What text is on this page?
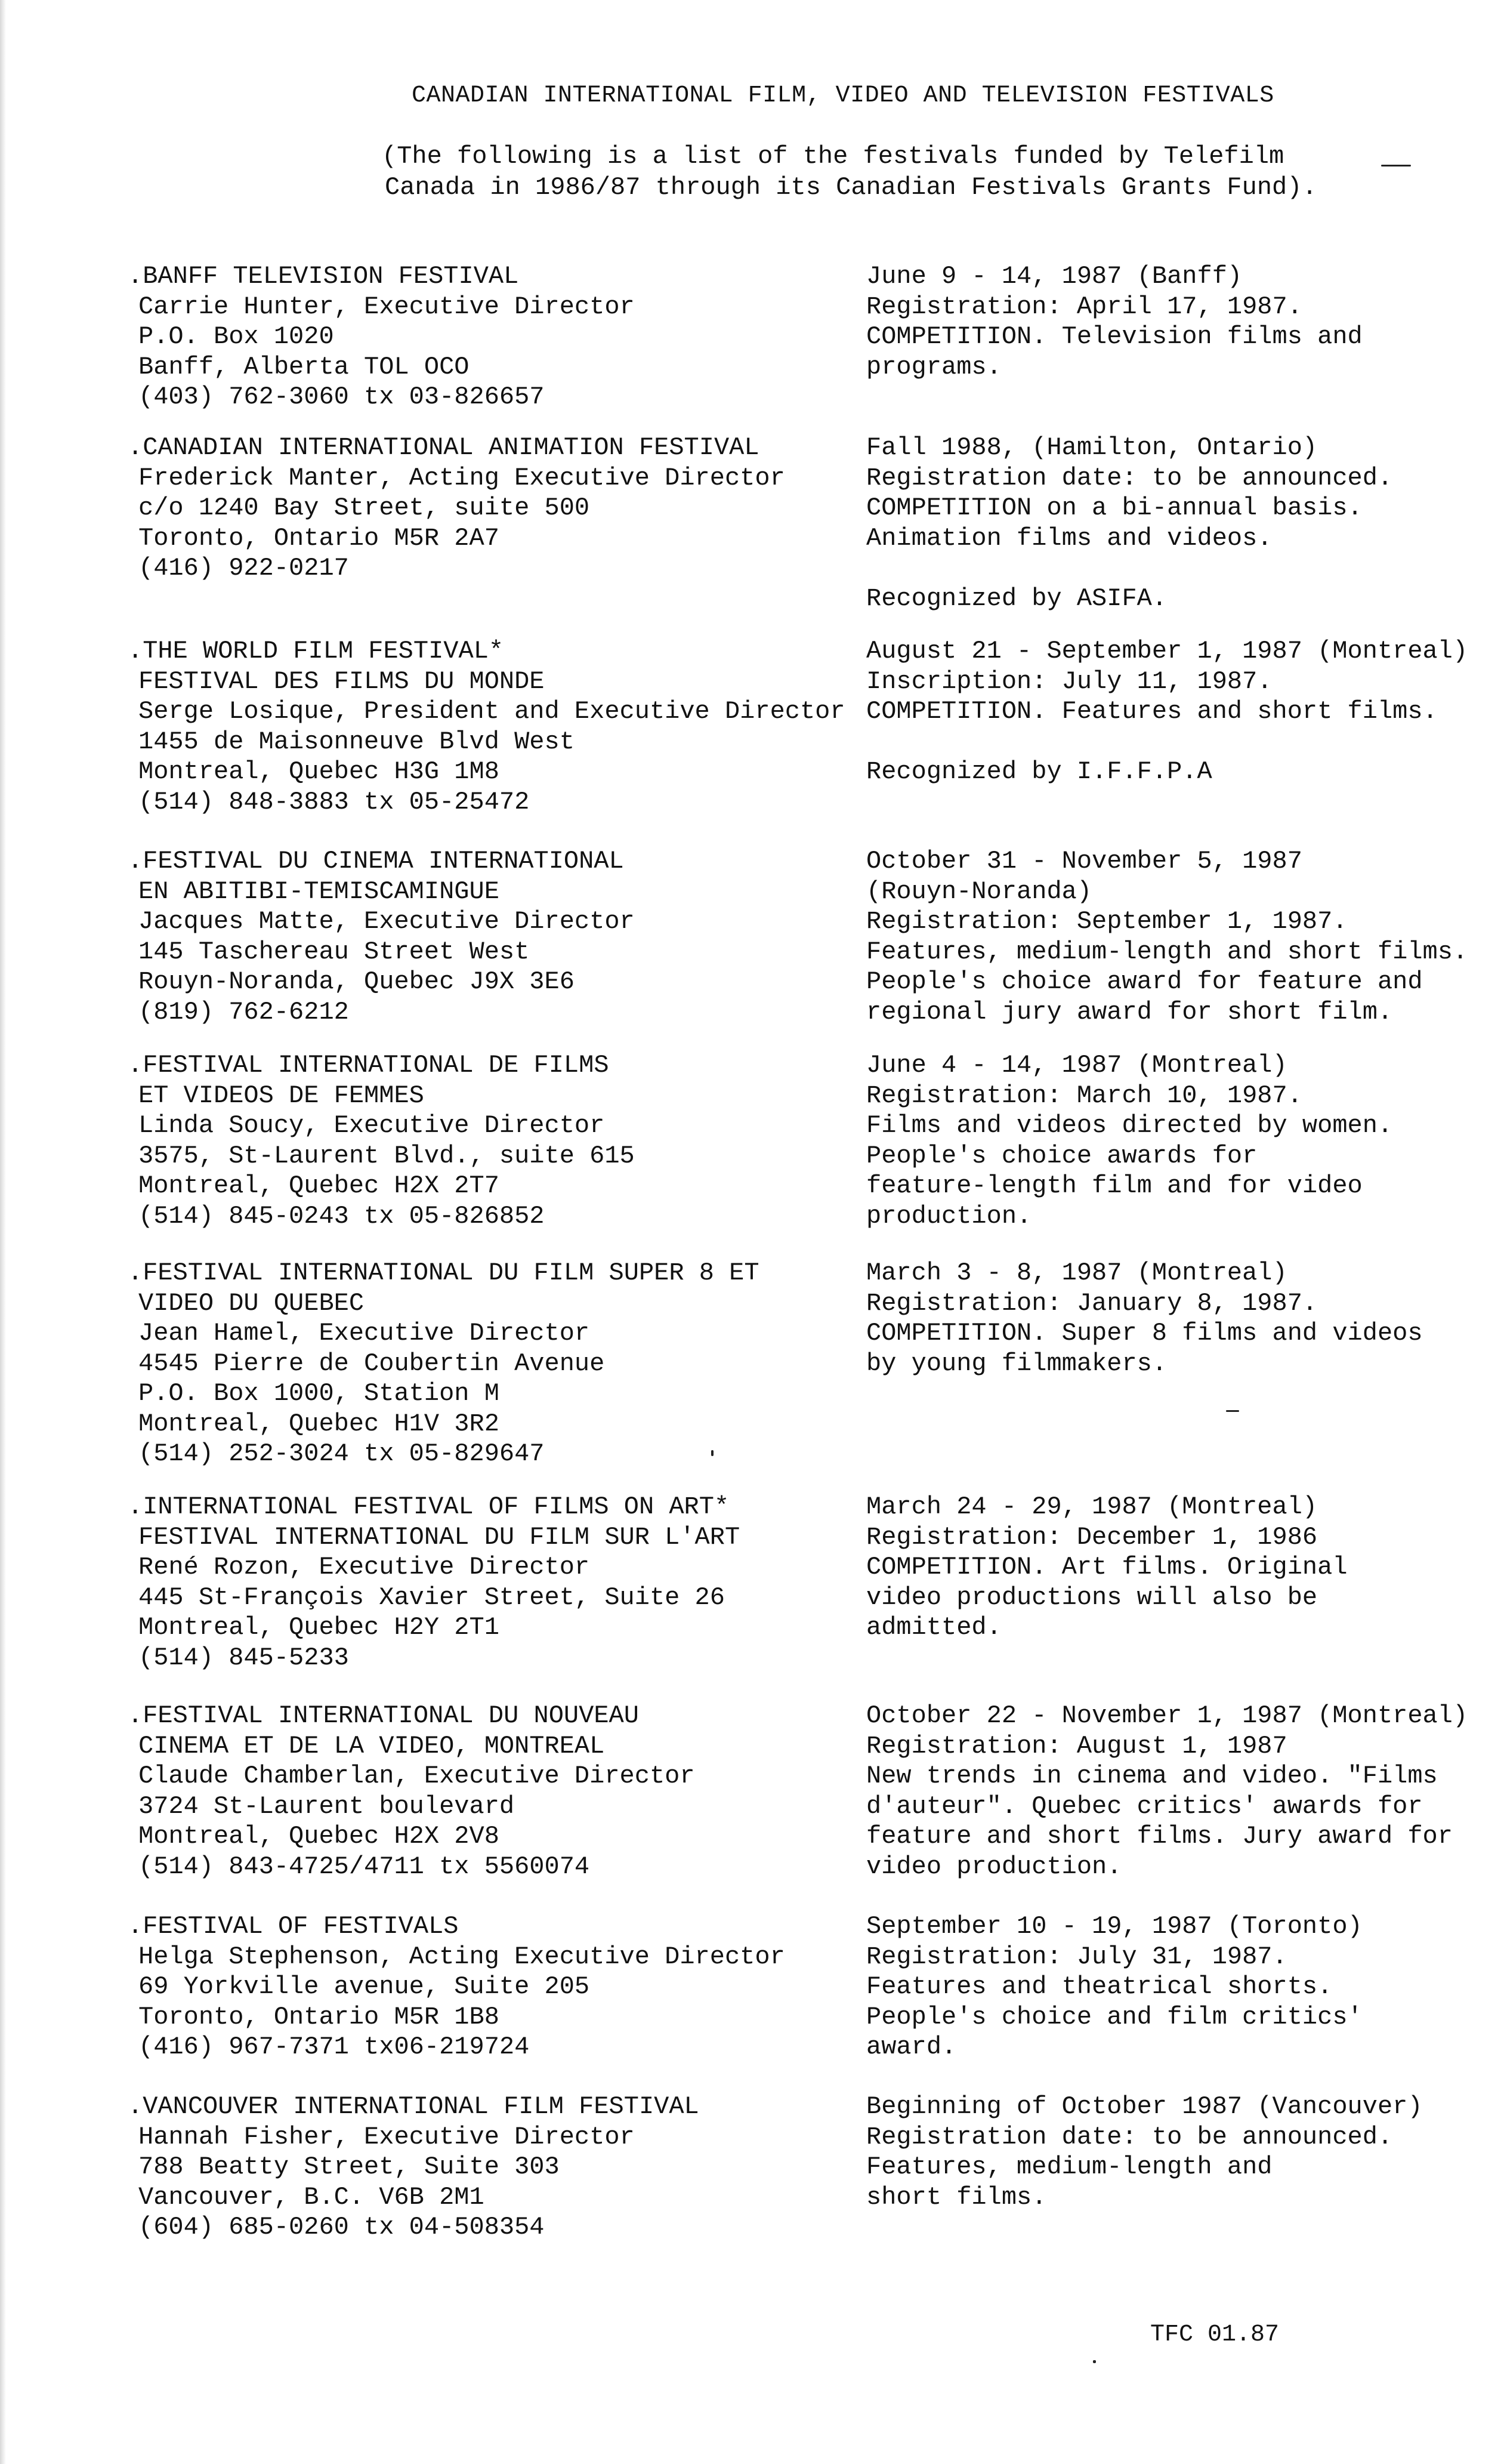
CANADIAN INTERNATIONAL FILM, VIDEO AND TELEVISION FESTIVALS
(The following is a list of the festivals funded by Telefilm
Canada in 1986/87 through its Canadian Festivals Grants Fund).
.BANFF TELEVISION FESTIVAL
Carrie Hunter, Executive Director
P.O. Box 1020
Banff, Alberta TOL OCO
(403) 762-3060 tx 03-826657
June 9 - 14, 1987 (Banff)
Registration: April 17, 1987.
COMPETITION. Television films and
programs.
.CANADIAN INTERNATIONAL ANIMATION FESTIVAL
Frederick Manter, Acting Executive Director
c/o 1240 Bay Street, suite 500
Toronto, Ontario M5R 2A7
(416) 922-0217
Fall 1988, (Hamilton, Ontario)
Registration date: to be announced.
COMPETITION on a bi-annual basis.
Animation films and videos.
Recognized by ASIFA.
.THE WORLD FILM FESTIVAL*
FESTIVAL DES FILMS DU MONDE
Serge Losique, President and Executive Director
1455 de Maisonneuve Blvd West
Montreal, Quebec H3G 1M8
(514) 848-3883 tx 05-25472
August 21 - September 1, 1987 (Montreal)
Inscription: July 11, 1987.
COMPETITION. Features and short films.
Recognized by I.F.F.P.A
.FESTIVAL DU CINEMA INTERNATIONAL
EN ABITIBI-TEMISCAMINGUE
Jacques Matte, Executive Director
145 Taschereau Street West
Rouyn-Noranda, Quebec J9X 3E6
(819) 762-6212
October 31 - November 5, 1987
(Rouyn-Noranda)
Registration: September 1, 1987.
Features, medium-length and short films.
People's choice award for feature and
regional jury award for short film.
.FESTIVAL INTERNATIONAL DE FILMS
ET VIDEOS DE FEMMES
Linda Soucy, Executive Director
3575, St-Laurent Blvd., suite 615
Montreal, Quebec H2X 2T7
(514) 845-0243 tx 05-826852
June 4 - 14, 1987 (Montreal)
Registration: March 10, 1987.
Films and videos directed by women.
People's choice awards for
feature-length film and for video
production.
.FESTIVAL INTERNATIONAL DU FILM SUPER 8 ET
VIDEO DU QUEBEC
Jean Hamel, Executive Director
4545 Pierre de Coubertin Avenue
P.O. Box 1000, Station M
Montreal, Quebec H1V 3R2
(514) 252-3024 tx 05-829647
March 3 - 8, 1987 (Montreal)
Registration: January 8, 1987.
COMPETITION. Super 8 films and videos
by young filmmakers.
.INTERNATIONAL FESTIVAL OF FILMS ON ART*
FESTIVAL INTERNATIONAL DU FILM SUR L'ART
René Rozon, Executive Director
445 St-François Xavier Street, Suite 26
Montreal, Quebec H2Y 2T1
(514) 845-5233
March 24 - 29, 1987 (Montreal)
Registration: December 1, 1986
COMPETITION. Art films. Original
video productions will also be
admitted.
.FESTIVAL INTERNATIONAL DU NOUVEAU
CINEMA ET DE LA VIDEO, MONTREAL
Claude Chamberlan, Executive Director
3724 St-Laurent boulevard
Montreal, Quebec H2X 2V8
(514) 843-4725/4711 tx 5560074
October 22 - November 1, 1987 (Montreal)
Registration: August 1, 1987
New trends in cinema and video. "Films
d'auteur". Quebec critics' awards for
feature and short films. Jury award for
video production.
.FESTIVAL OF FESTIVALS
Helga Stephenson, Acting Executive Director
69 Yorkville avenue, Suite 205
Toronto, Ontario M5R 1B8
(416) 967-7371 tx06-219724
September 10 - 19, 1987 (Toronto)
Registration: July 31, 1987.
Features and theatrical shorts.
People's choice and film critics'
award.
.VANCOUVER INTERNATIONAL FILM FESTIVAL
Hannah Fisher, Executive Director
788 Beatty Street, Suite 303
Vancouver, B.C. V6B 2M1
(604) 685-0260 tx 04-508354
Beginning of October 1987 (Vancouver)
Registration date: to be announced.
Features, medium-length and
short films.
TFC 01.87
